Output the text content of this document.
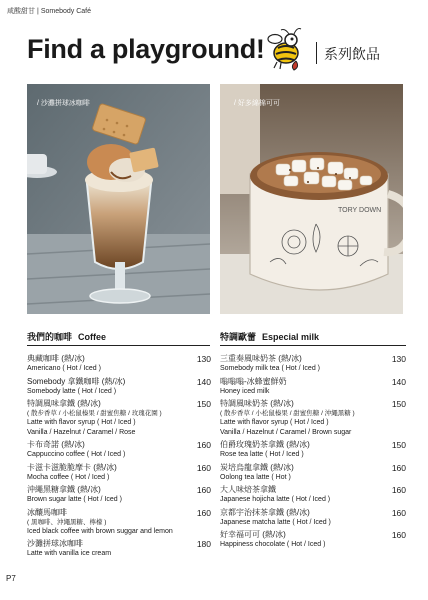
咸酸甜甘 | Somebody Café
Find a playground!	系列飲品
/ 沙灘拼球冰咖啡
TORY DOWN
/ 好多綿棉可可
我們的咖啡 Coffee	特調歐蕾 Especial milk
典藏咖啡 (熱/冰)
Americano ( Hot / Iced )
130
Somebody 拿鐵咖啡 (熱/冰)
Somebody latte ( Hot / Iced )
140
特調風味拿鐵 (熱/冰)
( 散步香草 / 小松鼠榛果 / 甜蜜焦糖 / 玫瑰花園 )
Latte with flavor syrup ( Hot / Iced )
Vanilla / Hazelnut / Caramel / Rose
150
卡布奇諾 (熱/冰)
Cappuccino coffee ( Hot / Iced )
160
卡滋卡滋脆脆摩卡 (熱/冰)
Mocha coffee ( Hot / Iced )
160
沖繩黑糖拿鐵 (熱/冰)
Brown sugar latte ( Hot / Iced )
160
冰釀馬咖啡
( 黑咖啡、沖繩黑糖、檸檬 )
Iced black coffee with brown suggar and lemon
160
沙灘拼球冰咖啡
Latte with vanilla ice cream
180
三重奏風味奶茶 (熱/冰)
Somebody milk tea ( Hot / Iced )
130
嗡嗡嗡-冰蜂蜜鮮奶
Honey iced milk
140
特調風味奶茶 (熱/冰)
( 散步香草 / 小松鼠榛果 / 甜蜜焦糖 / 沖繩黑糖 )
Latte with flavor syrup ( Hot / Iced )
Vanilla / Hazelnut / Caramel / Brown sugar
150
伯爵玫瑰奶茶拿鐵 (熱/冰)
Rose tea latte ( Hot / Iced )
150
炭培烏龍拿鐵 (熱/冰)
Oolong tea latte ( Hot )
160
大人味焙茶拿鐵
Japanese hojicha latte ( Hot / Iced )
160
京都宇治抹茶拿鐵 (熱/冰)
Japanese matcha latte ( Hot / Iced )
160
好幸福可可 (熱/冰)
Happiness chocolate ( Hot / Iced )
160
P7
